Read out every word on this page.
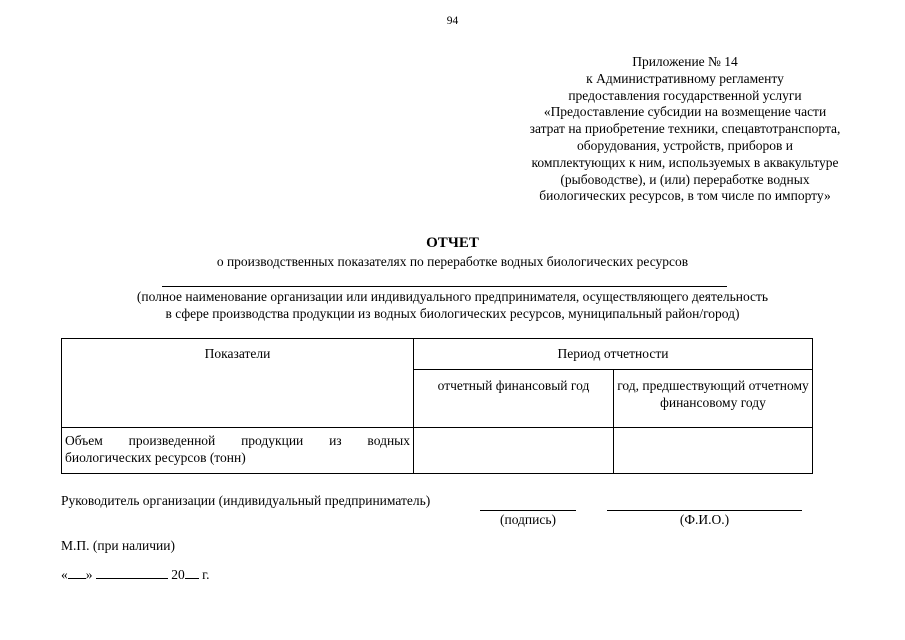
94
Приложение № 14
к Административному регламенту
предоставления государственной услуги
«Предоставление субсидии на возмещение части
затрат на приобретение техники, спецавтотранспорта,
оборудования, устройств, приборов и
комплектующих к ним, используемых в аквакультуре
(рыбоводстве), и (или) переработке водных
биологических ресурсов, в том числе по импорту»
ОТЧЕТ
о производственных показателях по переработке водных биологических ресурсов
(полное наименование организации или индивидуального предпринимателя, осуществляющего деятельность
в сфере производства продукции из водных биологических ресурсов, муниципальный район/город)
Показатели	Период отчетности	
	отчетный финансовый год	год, предшествующий отчетному финансовому году
Объем произведенной продукции из водных биологических ресурсов (тонн)		
Руководитель организации (индивидуальный предприниматель)
(подпись)	(Ф.И.О.)
М.П. (при наличии)
« »	20 г.
